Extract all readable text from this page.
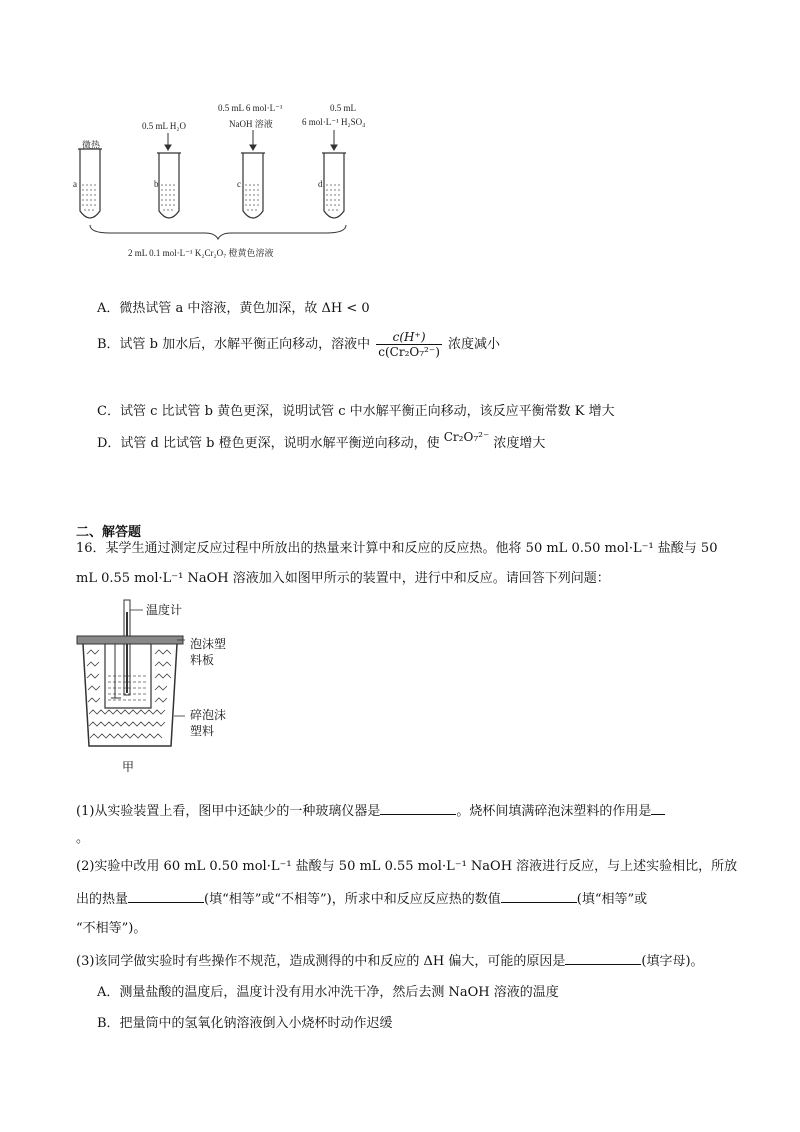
微热
0.5 mL H₂O
0.5 mL 6 mol·L⁻¹
NaOH 溶液
0.5 mL
6 mol·L⁻¹ H₂SO₄
a	b	c	d
2 mL 0.1 mol·L⁻¹ K₂Cr₂O₇ 橙黄色溶液
A．微热试管 a 中溶液，黄色加深，故 ΔH < 0
B．试管 b 加水后，水解平衡正向移动，溶液中 $\frac{c(H^+)}{\text{c(Cr₂O₇²⁻)}}$ 浓度减小
C．试管 c 比试管 b 黄色更深，说明试管 c 中水解平衡正向移动，该反应平衡常数 K 增大
D．试管 d 比试管 b 橙色更深，说明水解平衡逆向移动，使 Cr₂O₇²⁻ 浓度增大
二、解答题
16．某学生通过测定反应过程中所放出的热量来计算中和反应的反应热。他将 50 mL 0.50 mol·L⁻¹ 盐酸与 50
mL 0.55 mol·L⁻¹ NaOH 溶液加入如图甲所示的装置中，进行中和反应。请回答下列问题：
温度计
泡沫塑
料板
碎泡沫
塑料
甲
(1)从实验装置上看，图甲中还缺少的一种玻璃仪器是	。烧杯间填满碎泡沫塑料的作用是
。
(2)实验中改用 60 mL 0.50 mol·L⁻¹ 盐酸与 50 mL 0.55 mol·L⁻¹ NaOH 溶液进行反应，与上述实验相比，所放
出的热量	(填“相等”或“不相等”)，所求中和反应反应热的数值	(填“相等”或
“不相等”)。
(3)该同学做实验时有些操作不规范，造成测得的中和反应的 ΔH 偏大，可能的原因是	(填字母)。
A．测量盐酸的温度后，温度计没有用水冲洗干净，然后去测 NaOH 溶液的温度
B．把量筒中的氢氧化钠溶液倒入小烧杯时动作迟缓
